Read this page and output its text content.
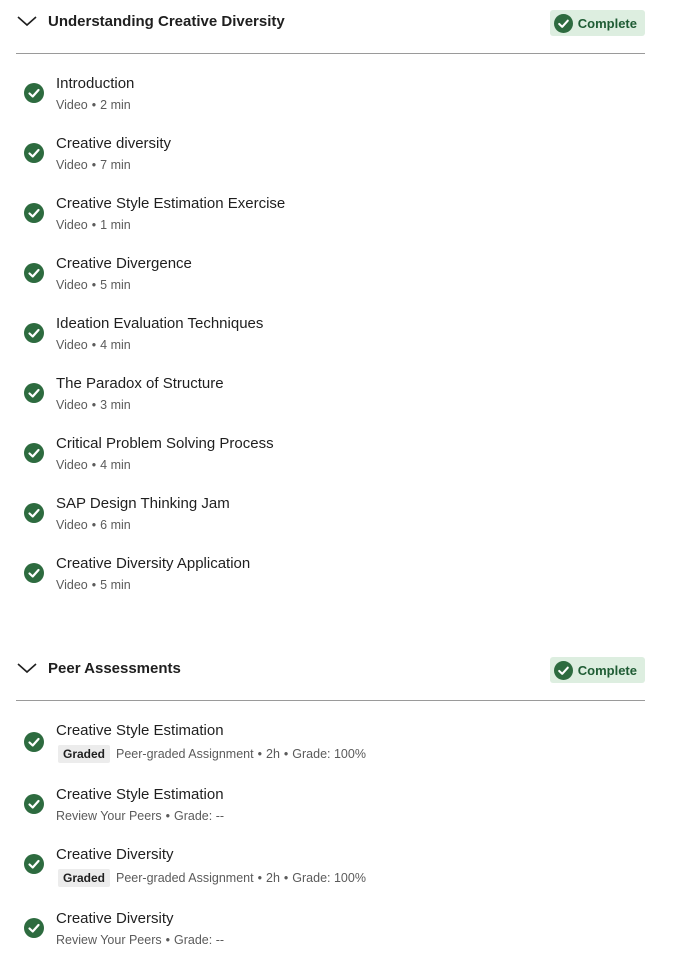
Understanding Creative Diversity	Complete
Introduction
Video • 2 min
Creative diversity
Video • 7 min
Creative Style Estimation Exercise
Video • 1 min
Creative Divergence
Video • 5 min
Ideation Evaluation Techniques
Video • 4 min
The Paradox of Structure
Video • 3 min
Critical Problem Solving Process
Video • 4 min
SAP Design Thinking Jam
Video • 6 min
Creative Diversity Application
Video • 5 min
Peer Assessments	Complete
Creative Style Estimation
Graded Peer-graded Assignment • 2h • Grade: 100%
Creative Style Estimation
Review Your Peers • Grade: --
Creative Diversity
Graded Peer-graded Assignment • 2h • Grade: 100%
Creative Diversity
Review Your Peers • Grade: --
